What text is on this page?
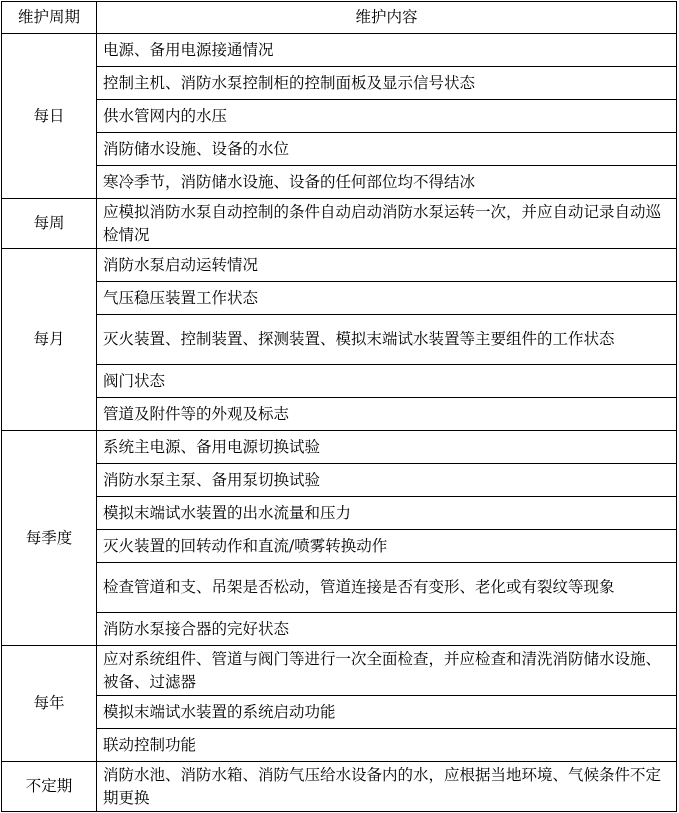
维护周期	维护内容
每日	电源、备用电源接通情况
	控制主机、消防水泵控制柜的控制面板及显示信号状态
	供水管网内的水压
	消防储水设施、设备的水位
	寒冷季节，消防储水设施、设备的任何部位均不得结冰
每周	应模拟消防水泵自动控制的条件自动启动消防水泵运转一次，并应自动记录自动巡检情况
每月	消防水泵启动运转情况
	气压稳压装置工作状态
	灭火装置、控制装置、探测装置、模拟末端试水装置等主要组件的工作状态
	阀门状态
	管道及附件等的外观及标志
每季度	系统主电源、备用电源切换试验
	消防水泵主泵、备用泵切换试验
	模拟末端试水装置的出水流量和压力
	灭火装置的回转动作和直流/喷雾转换动作
	检查管道和支、吊架是否松动，管道连接是否有变形、老化或有裂纹等现象
	消防水泵接合器的完好状态
每年	应对系统组件、管道与阀门等进行一次全面检查，并应检查和清洗消防储水设施、被备、过滤器
	模拟末端试水装置的系统启动功能
	联动控制功能
不定期	消防水池、消防水箱、消防气压给水设备内的水，应根据当地环境、气候条件不定期更换
